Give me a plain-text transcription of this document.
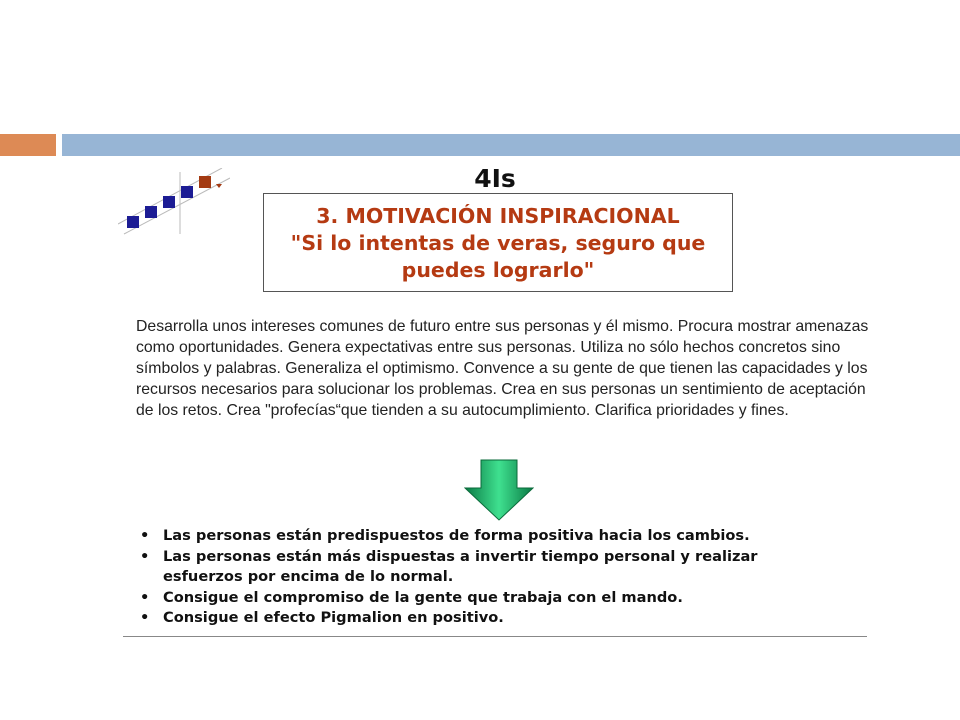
4Is
3. MOTIVACIÓN INSPIRACIONAL
"Si lo intentas de veras, seguro que
puedes lograrlo"
Desarrolla unos intereses comunes de futuro entre sus personas y él mismo. Procura mostrar amenazas como oportunidades. Genera expectativas entre sus personas. Utiliza no sólo hechos concretos sino símbolos y palabras. Generaliza el optimismo. Convence a su gente de que tienen las capacidades y los recursos necesarios para solucionar los problemas. Crea en sus personas un sentimiento de aceptación de los retos. Crea "profecías“que tienden a su autocumplimiento. Clarifica prioridades y fines.
• Las personas están predispuestos de forma positiva hacia los cambios.
• Las personas están más dispuestas a invertir tiempo personal y realizar esfuerzos por encima de lo normal.
• Consigue el compromiso de la gente que trabaja con el mando.
• Consigue el efecto Pigmalion en positivo.
